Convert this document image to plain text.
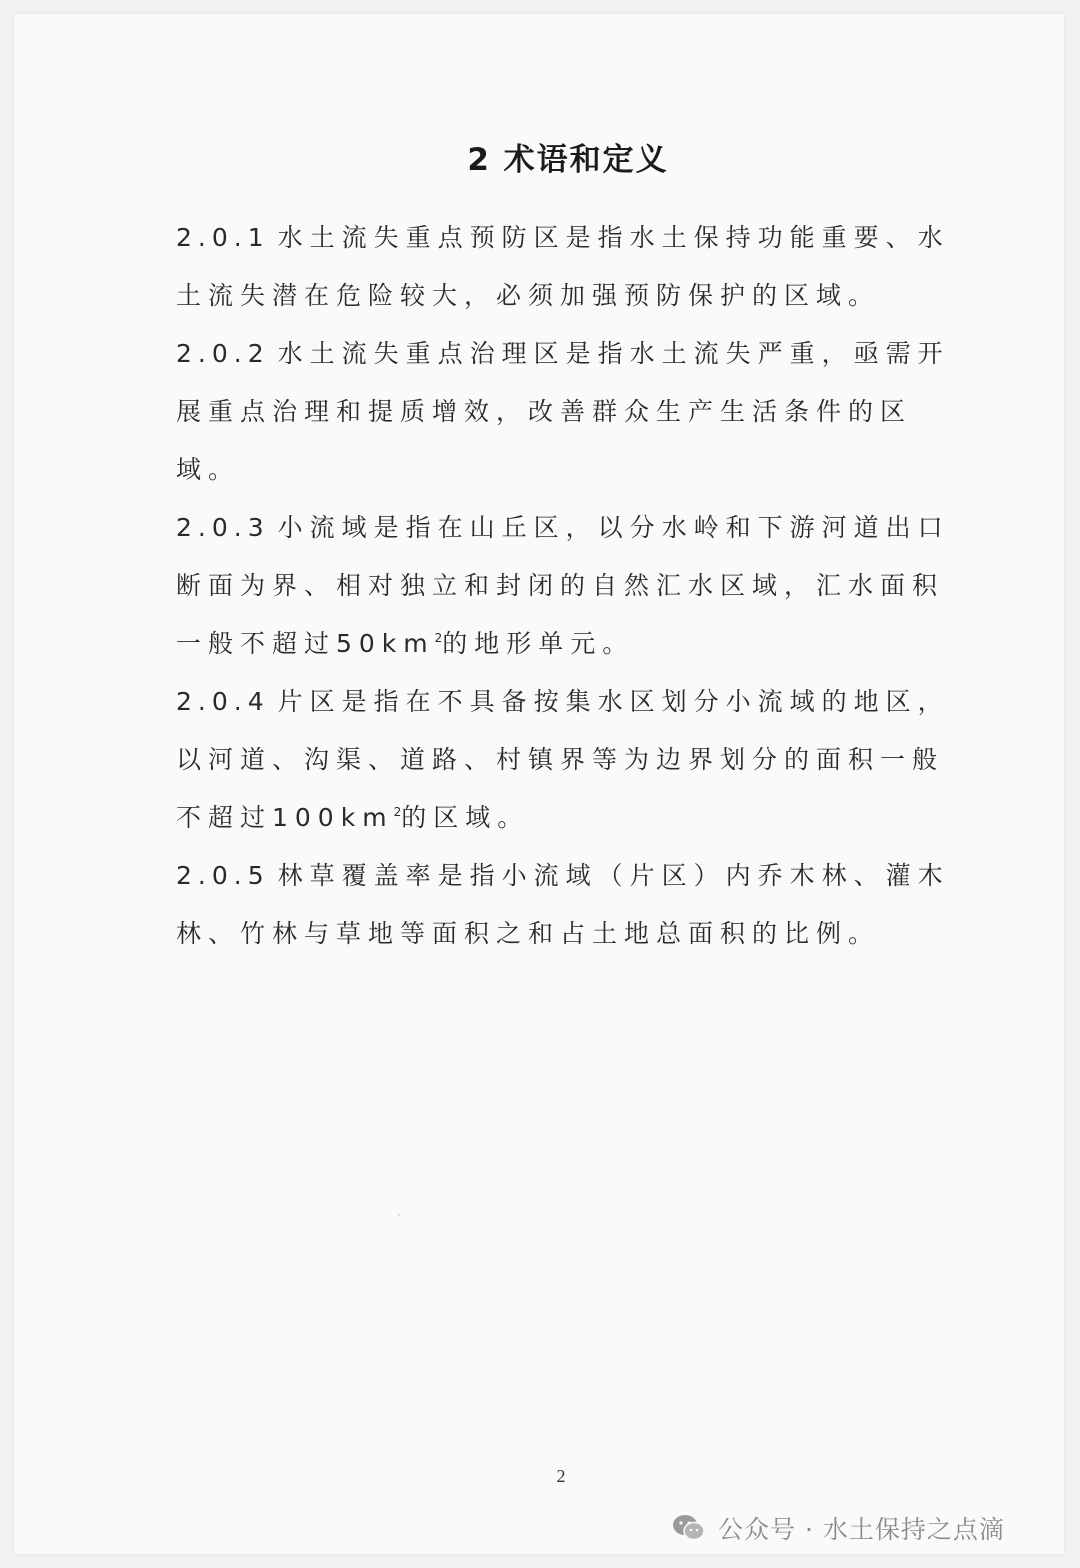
2 术语和定义

2.0.1 水土流失重点预防区是指水土保持功能重要、水土流失潜在危险较大，必须加强预防保护的区域。

2.0.2 水土流失重点治理区是指水土流失严重，亟需开展重点治理和提质增效，改善群众生产生活条件的区域。

2.0.3 小流域是指在山丘区，以分水岭和下游河道出口断面为界、相对独立和封闭的自然汇水区域，汇水面积一般不超过$50km^2$的地形单元。

2.0.4 片区是指在不具备按集水区划分小流域的地区，以河道、沟渠、道路、村镇界等为边界划分的面积一般不超过$100km^2$的区域。

2.0.5 林草覆盖率是指小流域（片区）内乔木林、灌木林、竹林与草地等面积之和占土地总面积的比例。

2
公众号 · 水土保持之点滴
